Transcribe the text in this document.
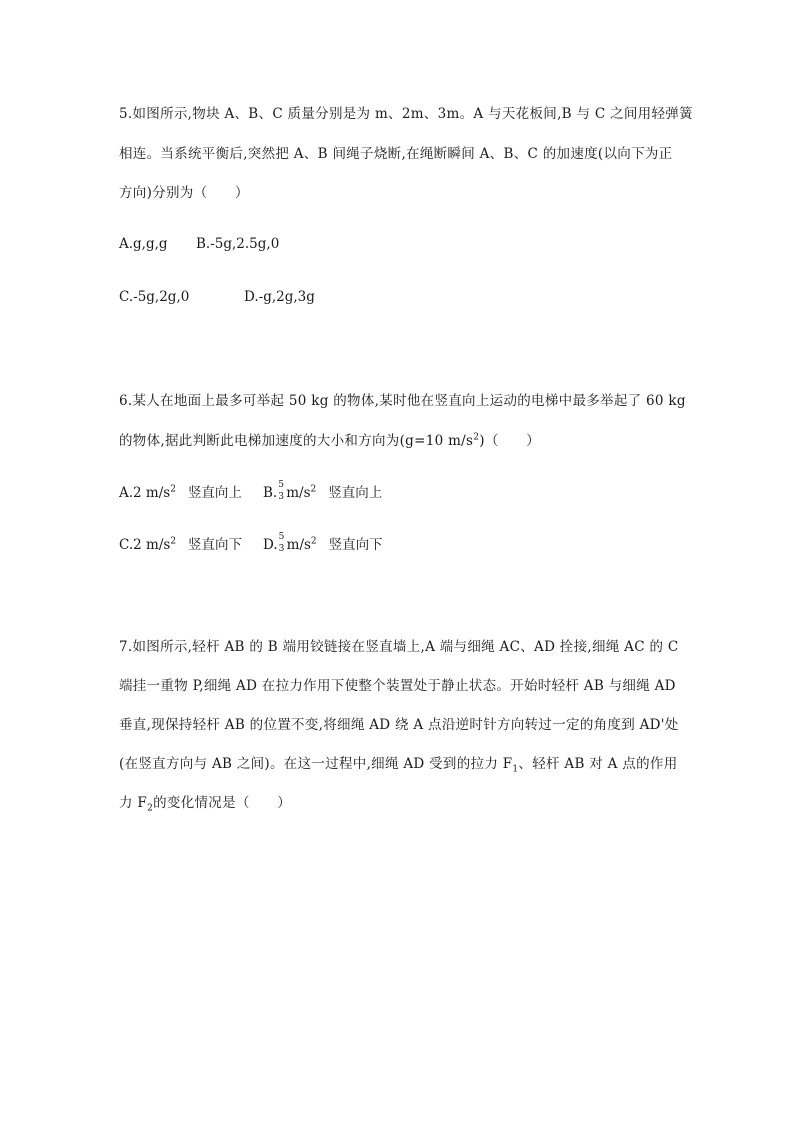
5.如图所示,物块 A、B、C 质量分别是为 m、2m、3m。A 与天花板间,B 与 C 之间用轻弹簧
相连。当系统平衡后,突然把 A、B 间绳子烧断,在绳断瞬间 A、B、C 的加速度(以向下为正
方向)分别为（　　）
A.g,g,g B.-5g,2.5g,0
C.-5g,2g,0	D.-g,2g,3g
6.某人在地面上最多可举起 50 kg 的物体,某时他在竖直向上运动的电梯中最多举起了 60 kg
的物体,据此判断此电梯加速度的大小和方向为(g=10 $m/s^2$)（　　）
A.2 $m/s^2$ 竖直向上 B.
5
3 $m/s^2$ 竖直向上
C.2 $m/s^2$ 竖直向下 D.
5
3 $m/s^2$ 竖直向下
7.如图所示,轻杆 AB 的 B 端用铰链接在竖直墙上,A 端与细绳 AC、AD 拴接,细绳 AC 的 C
端挂一重物 P,细绳 AD 在拉力作用下使整个装置处于静止状态。开始时轻杆 AB 与细绳 AD
垂直,现保持轻杆 AB 的位置不变,将细绳 AD 绕 A 点沿逆时针方向转过一定的角度到 AD'处
(在竖直方向与 AB 之间)。在这一过程中,细绳 AD 受到的拉力 $F_1$、轻杆 AB 对 A 点的作用
力 $F_2$的变化情况是（　　）
